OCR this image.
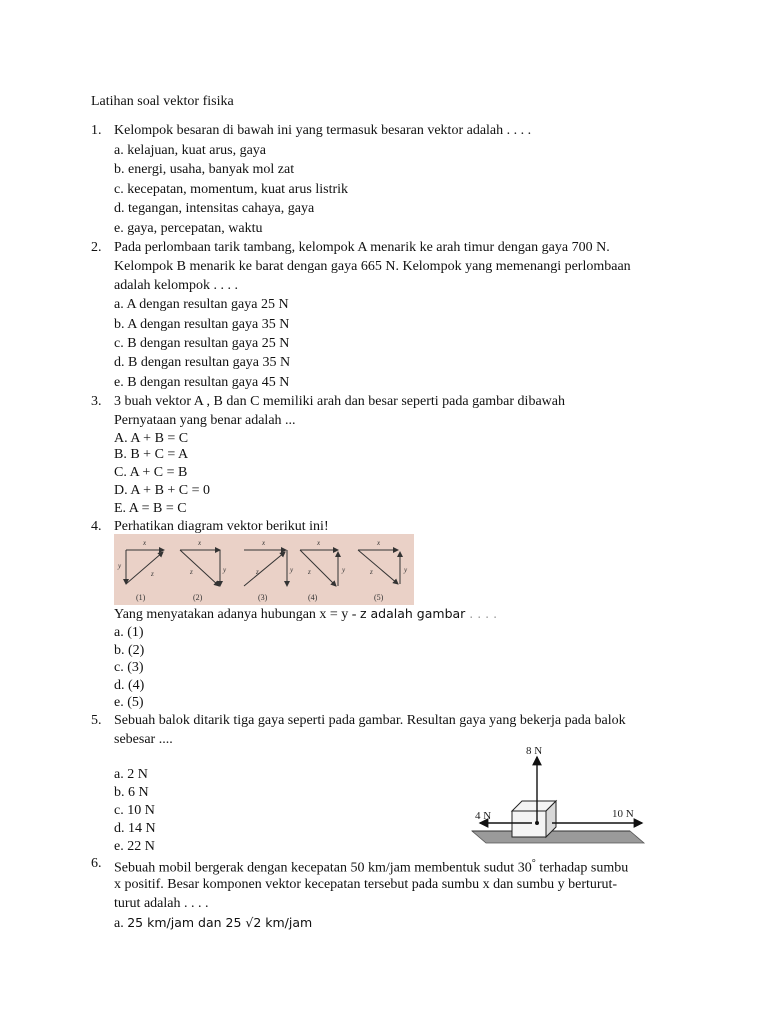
Latihan soal vektor fisika
1. Kelompok besaran di bawah ini yang termasuk besaran vektor adalah . . . .
a. kelajuan, kuat arus, gaya
b. energi, usaha, banyak mol zat
c. kecepatan, momentum, kuat arus listrik
d. tegangan, intensitas cahaya, gaya
e. gaya, percepatan, waktu
2. Pada perlombaan tarik tambang, kelompok A menarik ke arah timur dengan gaya 700 N.
Kelompok B menarik ke barat dengan gaya 665 N. Kelompok yang memenangi perlombaan
adalah kelompok . . . .
a. A dengan resultan gaya 25 N
b. A dengan resultan gaya 35 N
c. B dengan resultan gaya 25 N
d. B dengan resultan gaya 35 N
e. B dengan resultan gaya 45 N
3. 3 buah vektor A , B dan C memiliki arah dan besar seperti pada gambar dibawah
Pernyataan yang benar adalah ...
A. A + B = C
B. B + C = A
C. A + C = B
D. A + B + C = 0
E. A = B = C
4. Perhatikan diagram vektor berikut ini!
x
y
z
x
z	y
x
z	y
x
z	y
x
z	y
(1)	(2)	(3)	(4)	(5)
Yang menyatakan adanya hubungan x = y - z adalah gambar . . . .
a. (1)
b. (2)
c. (3)
d. (4)
e. (5)
5. Sebuah balok ditarik tiga gaya seperti pada gambar. Resultan gaya yang bekerja pada balok
sebesar ....
a. 2 N
b. 6 N
c. 10 N
d. 14 N
e. 22 N
8 N
4 N	10 N
6. Sebuah mobil bergerak dengan kecepatan 50 km/jam membentuk sudut 30° terhadap sumbu
x positif. Besar komponen vektor kecepatan tersebut pada sumbu x dan sumbu y berturut-
turut adalah . . . .
a. 25 km/jam dan 25 √2 km/jam
